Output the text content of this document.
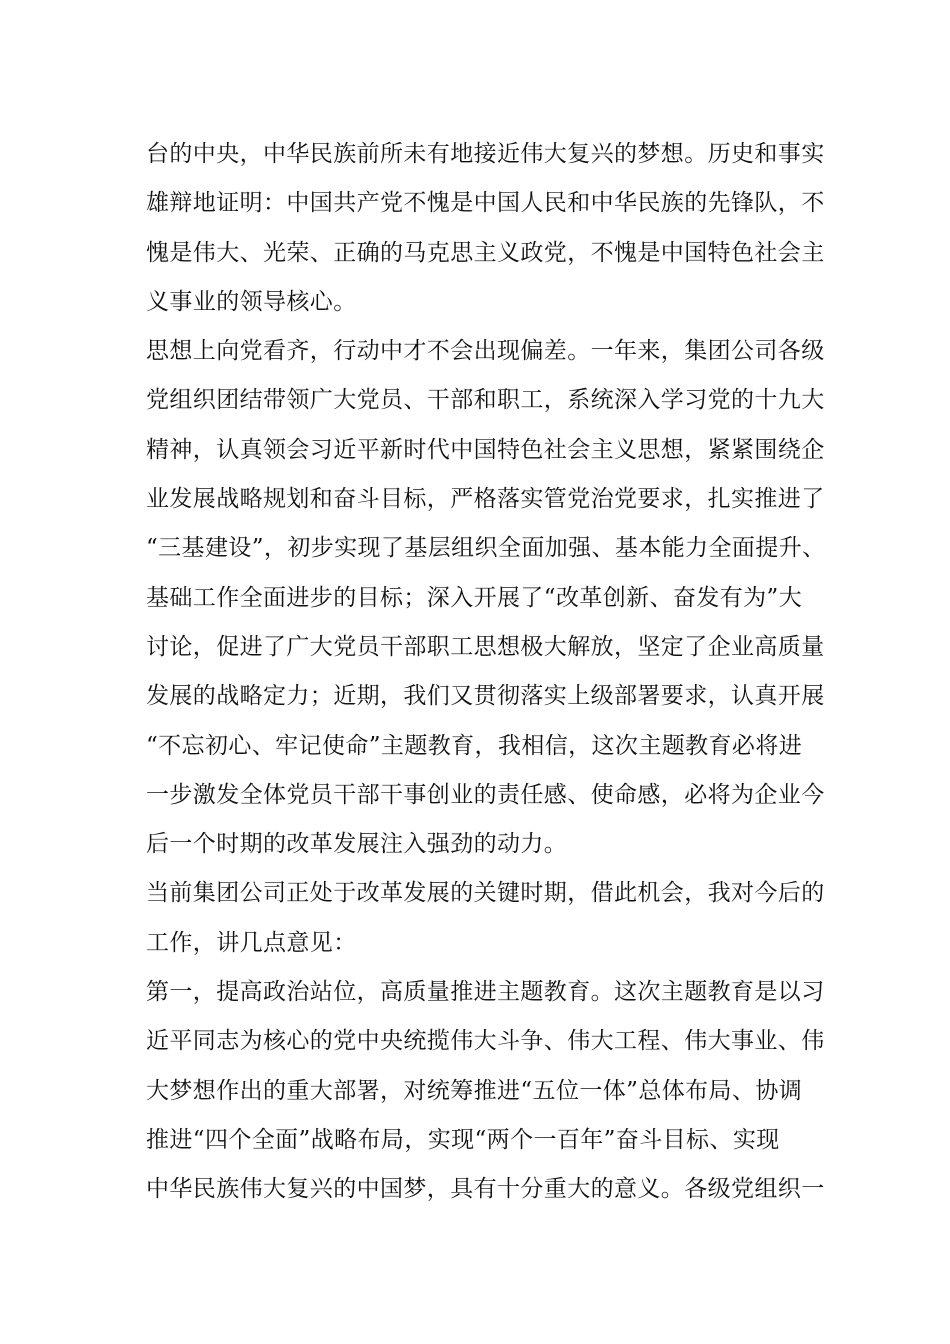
台的中央，中华民族前所未有地接近伟大复兴的梦想。历史和事实
雄辩地证明：中国共产党不愧是中国人民和中华民族的先锋队，不
愧是伟大、光荣、正确的马克思主义政党，不愧是中国特色社会主
义事业的领导核心。
思想上向党看齐，行动中才不会出现偏差。一年来，集团公司各级
党组织团结带领广大党员、干部和职工，系统深入学习党的十九大
精神，认真领会习近平新时代中国特色社会主义思想，紧紧围绕企
业发展战略规划和奋斗目标，严格落实管党治党要求，扎实推进了
“三基建设”，初步实现了基层组织全面加强、基本能力全面提升、
基础工作全面进步的目标；深入开展了“改革创新、奋发有为”大
讨论，促进了广大党员干部职工思想极大解放，坚定了企业高质量
发展的战略定力；近期，我们又贯彻落实上级部署要求，认真开展
“不忘初心、牢记使命”主题教育，我相信，这次主题教育必将进
一步激发全体党员干部干事创业的责任感、使命感，必将为企业今
后一个时期的改革发展注入强劲的动力。
当前集团公司正处于改革发展的关键时期，借此机会，我对今后的
工作，讲几点意见：
第一，提高政治站位，高质量推进主题教育。这次主题教育是以习
近平同志为核心的党中央统揽伟大斗争、伟大工程、伟大事业、伟
大梦想作出的重大部署，对统筹推进“五位一体”总体布局、协调
推进“四个全面”战略布局，实现“两个一百年”奋斗目标、实现
中华民族伟大复兴的中国梦，具有十分重大的意义。各级党组织一
